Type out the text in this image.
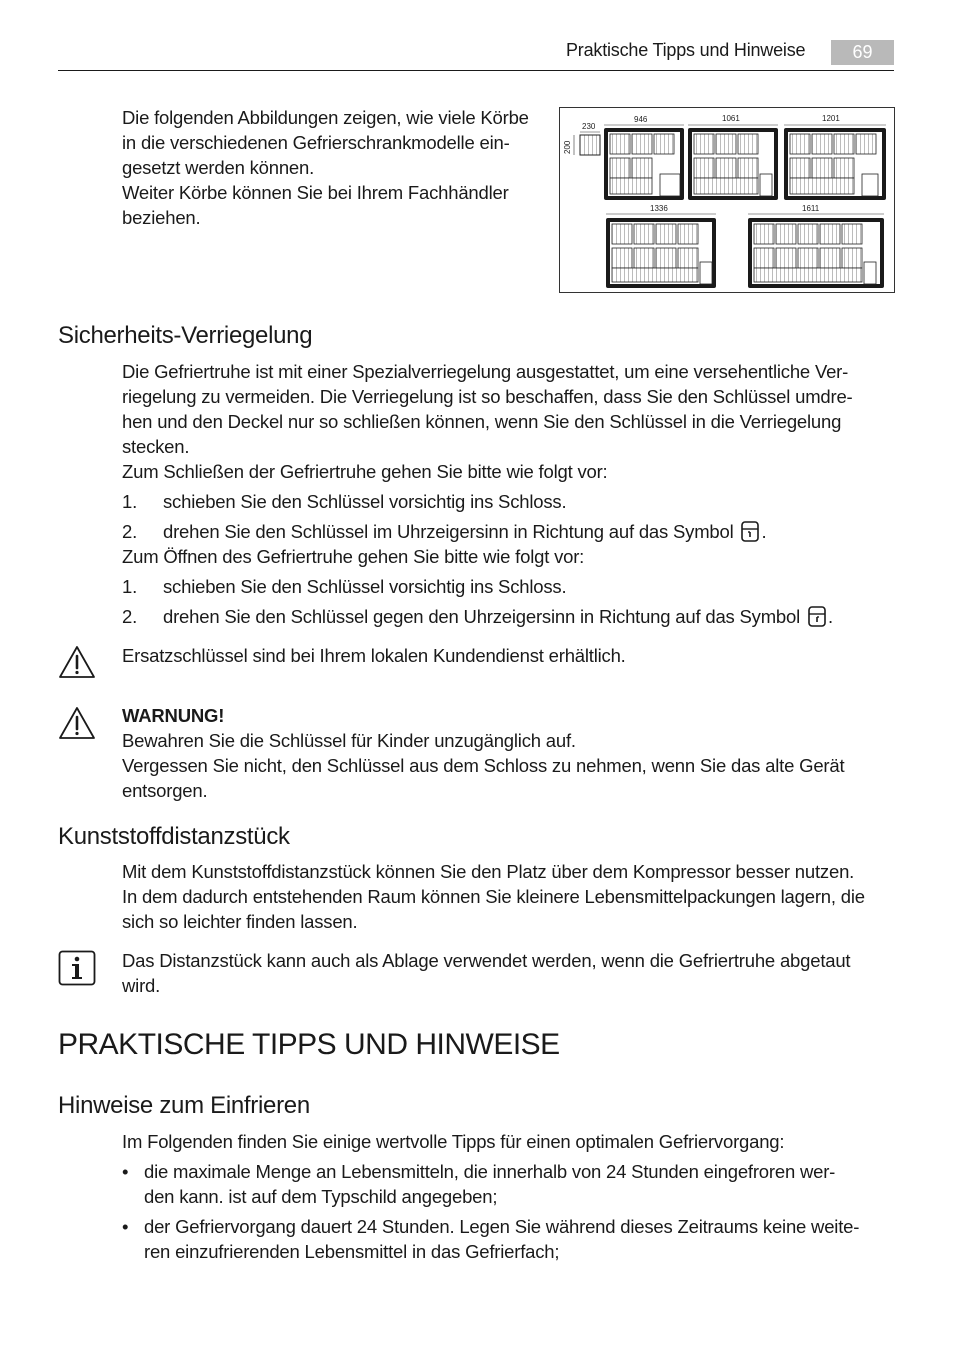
Praktische Tipps und Hinweise	69
Die folgenden Abbildungen zeigen, wie viele Körbe
in die verschiedenen Gefrierschrankmodelle ein-
gesetzt werden können.
Weiter Körbe können Sie bei Ihrem Fachhändler
beziehen.
230
200
946	1061	1201
1336	1611
Sicherheits-Verriegelung
Die Gefriertruhe ist mit einer Spezialverriegelung ausgestattet, um eine versehentliche Ver-
riegelung zu vermeiden. Die Verriegelung ist so beschaffen, dass Sie den Schlüssel umdre-
hen und den Deckel nur so schließen können, wenn Sie den Schlüssel in die Verriegelung
stecken.
Zum Schließen der Gefriertruhe gehen Sie bitte wie folgt vor:
1.	schieben Sie den Schlüssel vorsichtig ins Schloss.
2.	drehen Sie den Schlüssel im Uhrzeigersinn in Richtung auf das Symbol .
Zum Öffnen des Gefriertruhe gehen Sie bitte wie folgt vor:
1.	schieben Sie den Schlüssel vorsichtig ins Schloss.
2.	drehen Sie den Schlüssel gegen den Uhrzeigersinn in Richtung auf das Symbol .
Ersatzschlüssel sind bei Ihrem lokalen Kundendienst erhältlich.
WARNUNG!
Bewahren Sie die Schlüssel für Kinder unzugänglich auf.
Vergessen Sie nicht, den Schlüssel aus dem Schloss zu nehmen, wenn Sie das alte Gerät
entsorgen.
Kunststoffdistanzstück
Mit dem Kunststoffdistanzstück können Sie den Platz über dem Kompressor besser nutzen.
In dem dadurch entstehenden Raum können Sie kleinere Lebensmittelpackungen lagern, die
sich so leichter finden lassen.
Das Distanzstück kann auch als Ablage verwendet werden, wenn die Gefriertruhe abgetaut
wird.
PRAKTISCHE TIPPS UND HINWEISE
Hinweise zum Einfrieren
Im Folgenden finden Sie einige wertvolle Tipps für einen optimalen Gefriervorgang:
• die maximale Menge an Lebensmitteln, die innerhalb von 24 Stunden eingefroren wer-
den kann. ist auf dem Typschild angegeben;
• der Gefriervorgang dauert 24 Stunden. Legen Sie während dieses Zeitraums keine weite-
ren einzufrierenden Lebensmittel in das Gefrierfach;
